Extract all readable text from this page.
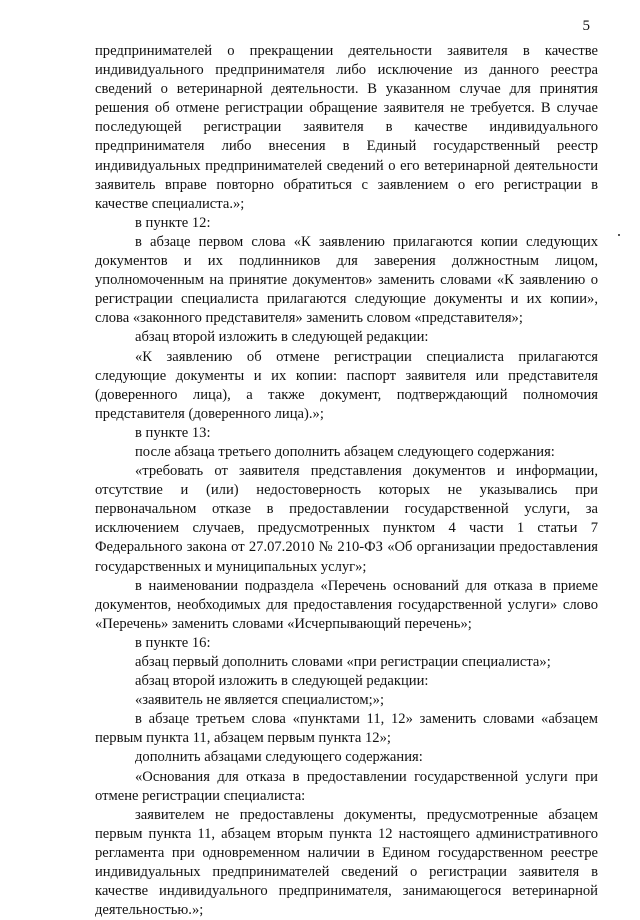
5

предпринимателей о прекращении деятельности заявителя в качестве индивидуального предпринимателя либо исключение из данного реестра сведений о ветеринарной деятельности. В указанном случае для принятия решения об отмене регистрации обращение заявителя не требуется. В случае последующей регистрации заявителя в качестве индивидуального предпринимателя либо внесения в Единый государственный реестр индивидуальных предпринимателей сведений о его ветеринарной деятельности заявитель вправе повторно обратиться с заявлением о его регистрации в качестве специалиста.»;

в пункте 12:

в абзаце первом слова «К заявлению прилагаются копии следующих документов и их подлинников для заверения должностным лицом, уполномоченным на принятие документов» заменить словами «К заявлению о регистрации специалиста прилагаются следующие документы и их копии», слова «законного представителя» заменить словом «представителя»;

абзац второй изложить в следующей редакции:

«К заявлению об отмене регистрации специалиста прилагаются следующие документы и их копии: паспорт заявителя или представителя (доверенного лица), а также документ, подтверждающий полномочия представителя (доверенного лица).»;

в пункте 13:

после абзаца третьего дополнить абзацем следующего содержания:

«требовать от заявителя представления документов и информации, отсутствие и (или) недостоверность которых не указывались при первоначальном отказе в предоставлении государственной услуги, за исключением случаев, предусмотренных пунктом 4 части 1 статьи 7 Федерального закона от 27.07.2010 № 210-ФЗ «Об организации предоставления государственных и муниципальных услуг»;

в наименовании подраздела «Перечень оснований для отказа в приеме документов, необходимых для предоставления государственной услуги» слово «Перечень» заменить словами «Исчерпывающий перечень»;

в пункте 16:

абзац первый дополнить словами «при регистрации специалиста»;

абзац второй изложить в следующей редакции:

«заявитель не является специалистом;»;

в абзаце третьем слова «пунктами 11, 12» заменить словами «абзацем первым пункта 11, абзацем первым пункта 12»;

дополнить абзацами следующего содержания:

«Основания для отказа в предоставлении государственной услуги при отмене регистрации специалиста:

заявителем не предоставлены документы, предусмотренные абзацем первым пункта 11, абзацем вторым пункта 12 настоящего административного регламента при одновременном наличии в Едином государственном реестре индивидуальных предпринимателей сведений о регистрации заявителя в качестве индивидуального предпринимателя, занимающегося ветеринарной деятельностью.»;
